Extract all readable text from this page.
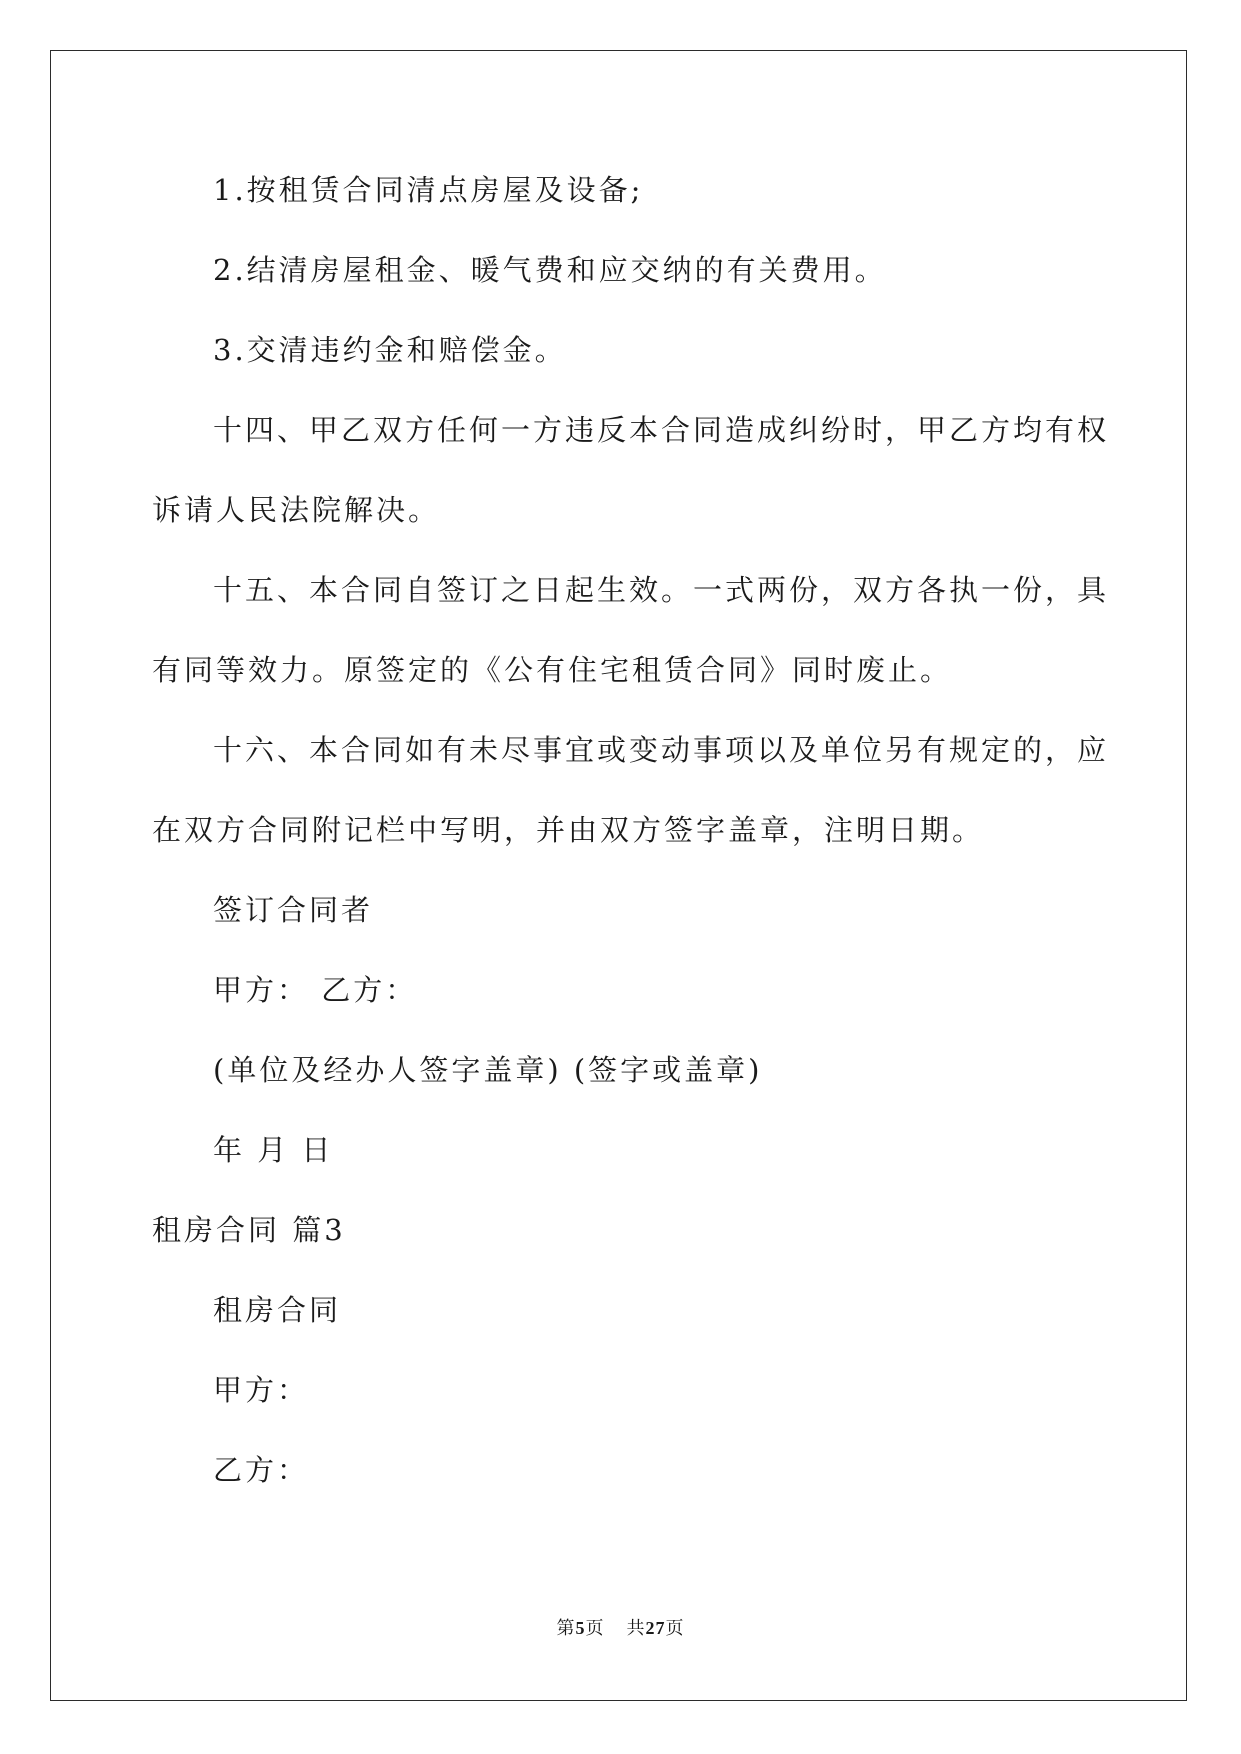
1.按租赁合同清点房屋及设备;
2.结清房屋租金、暖气费和应交纳的有关费用。
3.交清违约金和赔偿金。
十四、甲乙双方任何一方违反本合同造成纠纷时，甲乙方均有权
诉请人民法院解决。
十五、本合同自签订之日起生效。一式两份，双方各执一份，具
有同等效力。原签定的《公有住宅租赁合同》同时废止。
十六、本合同如有未尽事宜或变动事项以及单位另有规定的，应
在双方合同附记栏中写明，并由双方签字盖章，注明日期。
签订合同者
甲方： 乙方：
(单位及经办人签字盖章) (签字或盖章)
年 月 日
租房合同 篇3
租房合同
甲方：
乙方：
第5页 共27页
